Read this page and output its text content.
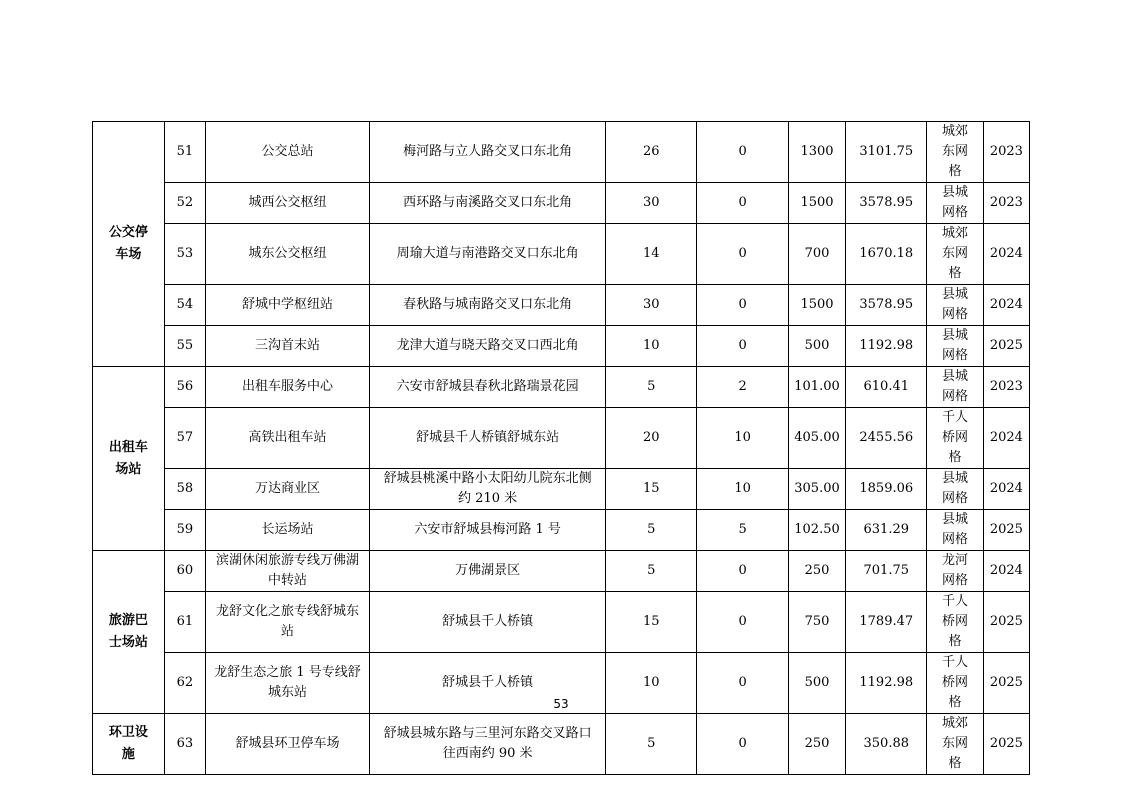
公交停车场	51	公交总站	梅河路与立人路交叉口东北角	26	0	1300	3101.75	城郊东网格	2023
	52	城西公交枢纽	西环路与南溪路交叉口东北角	30	0	1500	3578.95	县城网格	2023
	53	城东公交枢纽	周瑜大道与南港路交叉口东北角	14	0	700	1670.18	城郊东网格	2024
	54	舒城中学枢纽站	春秋路与城南路交叉口东北角	30	0	1500	3578.95	县城网格	2024
	55	三沟首末站	龙津大道与晓天路交叉口西北角	10	0	500	1192.98	县城网格	2025
出租车场站	56	出租车服务中心	六安市舒城县春秋北路瑞景花园	5	2	101.00	610.41	县城网格	2023
	57	高铁出租车站	舒城县千人桥镇舒城东站	20	10	405.00	2455.56	千人桥网格	2024
	58	万达商业区	舒城县桃溪中路小太阳幼儿院东北侧约 210 米	15	10	305.00	1859.06	县城网格	2024
	59	长运场站	六安市舒城县梅河路 1 号	5	5	102.50	631.29	县城网格	2025
旅游巴士场站	60	滨湖休闲旅游专线万佛湖中转站	万佛湖景区	5	0	250	701.75	龙河网格	2024
	61	龙舒文化之旅专线舒城东站	舒城县千人桥镇	15	0	750	1789.47	千人桥网格	2025
	62	龙舒生态之旅 1 号专线舒城东站	舒城县千人桥镇	10	0	500	1192.98	千人桥网格	2025
环卫设施	63	舒城县环卫停车场	舒城县城东路与三里河东路交叉路口往西南约 90 米	5	0	250	350.88	城郊东网格	2025
53
